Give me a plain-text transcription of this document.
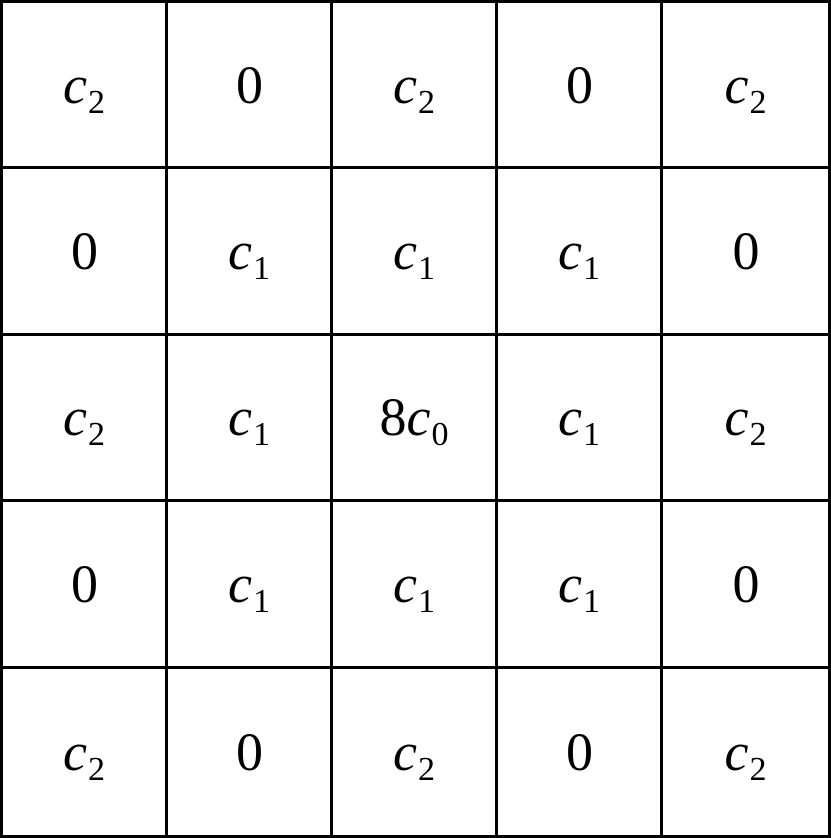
c 2 0 c 2 0 c 2
0 c 1 c 1 c 1 0
c 2 c 1 8 c 0 c 1 c 2
0 c 1 c 1 c 1 0
c 2 0 c 2 0 c 2
